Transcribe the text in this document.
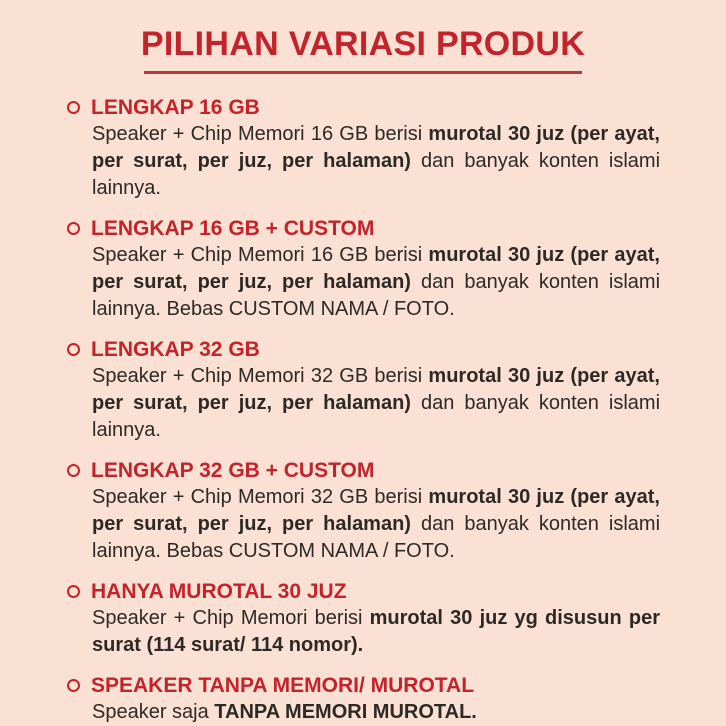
PILIHAN VARIASI PRODUK
LENGKAP 16 GB

Speaker + Chip Memori 16 GB berisi murotal 30 juz (per ayat, per surat, per juz, per halaman) dan banyak konten islami lainnya.

LENGKAP 16 GB + CUSTOM

Speaker + Chip Memori 16 GB berisi murotal 30 juz (per ayat, per surat, per juz, per halaman) dan banyak konten islami lainnya. Bebas CUSTOM NAMA / FOTO.

LENGKAP 32 GB

Speaker + Chip Memori 32 GB berisi murotal 30 juz (per ayat, per surat, per juz, per halaman) dan banyak konten islami lainnya.

LENGKAP 32 GB + CUSTOM

Speaker + Chip Memori 32 GB berisi murotal 30 juz (per ayat, per surat, per juz, per halaman) dan banyak konten islami lainnya. Bebas CUSTOM NAMA / FOTO.

HANYA MUROTAL 30 JUZ

Speaker + Chip Memori berisi murotal 30 juz yg disusun per surat (114 surat/ 114 nomor).

SPEAKER TANPA MEMORI/ MUROTAL

Speaker saja TANPA MEMORI MUROTAL.
